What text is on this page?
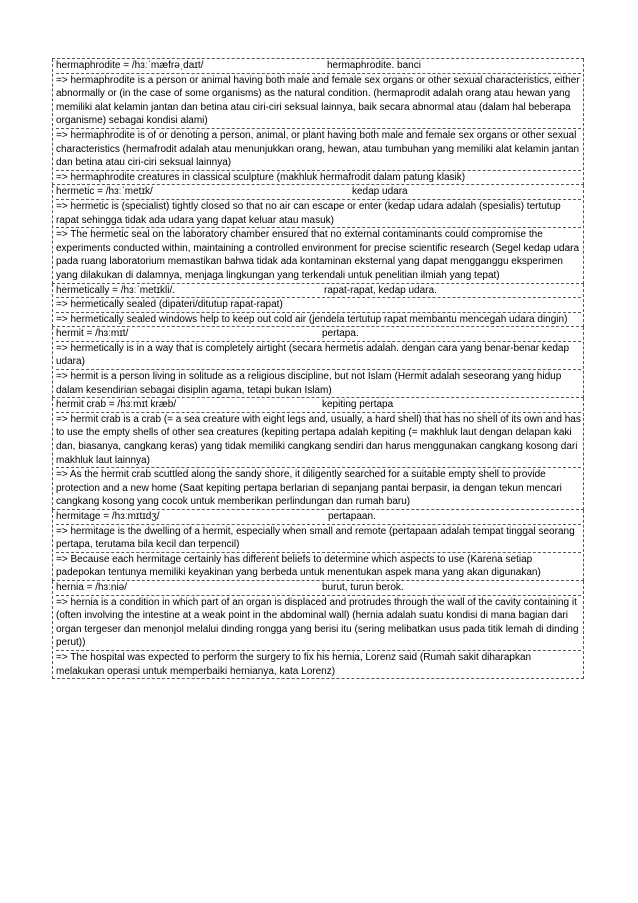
hermaphrodite = /hɜːˈmæfrəˌdaɪt/	hermaphrodite. banci
=> hermaphrodite is a person or animal having both male and female sex organs or other sexual characteristics, either abnormally or (in the case of some organisms) as the natural condition. (hermaprodit adalah orang atau hewan yang memiliki alat kelamin jantan dan betina atau ciri-ciri seksual lainnya, baik secara abnormal atau (dalam hal beberapa organisme) sebagai kondisi alami)
=> hermaphrodite is of or denoting a person, animal, or plant having both male and female sex organs or other sexual characteristics (hermafrodit adalah atau menunjukkan orang, hewan, atau tumbuhan yang memiliki alat kelamin jantan dan betina atau ciri-ciri seksual lainnya)
=> hermaphrodite creatures in classical sculpture (makhluk hermafrodit dalam patung klasik)
hermetic = /hɜːˈmetɪk/	kedap udara
=> hermetic is (specialist) tightly closed so that no air can escape or enter (kedap udara adalah (spesialis) tertutup rapat sehingga tidak ada udara yang dapat keluar atau masuk)
=> The hermetic seal on the laboratory chamber ensured that no external contaminants could compromise the experiments conducted within, maintaining a controlled environment for precise scientific research (Segel kedap udara pada ruang laboratorium memastikan bahwa tidak ada kontaminan eksternal yang dapat mengganggu eksperimen yang dilakukan di dalamnya, menjaga lingkungan yang terkendali untuk penelitian ilmiah yang tepat)
hermetically = /hɜːˈmetɪkli/.	rapat-rapat, kedap udara.
=> hermetically sealed (dipateri/ditutup rapat-rapat)
=> hermetically sealed windows help to keep out cold air (jendela tertutup rapat membantu mencegah udara dingin)
hermit = /hɜːmɪt/	pertapa.
=> hermetically is in a way that is completely airtight (secara hermetis adalah. dengan cara yang benar-benar kedap udara)
=> hermit is a person living in solitude as a religious discipline, but not Islam (Hermit adalah seseorang yang hidup dalam kesendirian sebagai disiplin agama, tetapi bukan Islam)
hermit crab = /hɜːmɪt kræb/	kepiting pertapa
=> hermit crab is a crab (= a sea creature with eight legs and, usually, a hard shell) that has no shell of its own and has to use the empty shells of other sea creatures (kepiting pertapa adalah kepiting (= makhluk laut dengan delapan kaki dan, biasanya, cangkang keras) yang tidak memiliki cangkang sendiri dan harus menggunakan cangkang kosong dari makhluk laut lainnya)
=> As the hermit crab scuttled along the sandy shore, it diligently searched for a suitable empty shell to provide protection and a new home (Saat kepiting pertapa berlarian di sepanjang pantai berpasir, ia dengan tekun mencari cangkang kosong yang cocok untuk memberikan perlindungan dan rumah baru)
hermitage = /hɜːmɪtɪdʒ/	pertapaan.
=> hermitage is the dwelling of a hermit, especially when small and remote (pertapaan adalah tempat tinggal seorang pertapa, terutama bila kecil dan terpencil)
=> Because each hermitage certainly has different beliefs to determine which aspects to use (Karena setiap padepokan tentunya memiliki keyakinan yang berbeda untuk menentukan aspek mana yang akan digunakan)
hernia = /hɜːniə/	burut, turun berok.
=> hernia is a condition in which part of an organ is displaced and protrudes through the wall of the cavity containing it (often involving the intestine at a weak point in the abdominal wall) (hernia adalah suatu kondisi di mana bagian dari organ tergeser dan menonjol melalui dinding rongga yang berisi itu (sering melibatkan usus pada titik lemah di dinding perut))
=> The hospital was expected to perform the surgery to fix his hernia, Lorenz said (Rumah sakit diharapkan melakukan operasi untuk memperbaiki hernianya, kata Lorenz)
